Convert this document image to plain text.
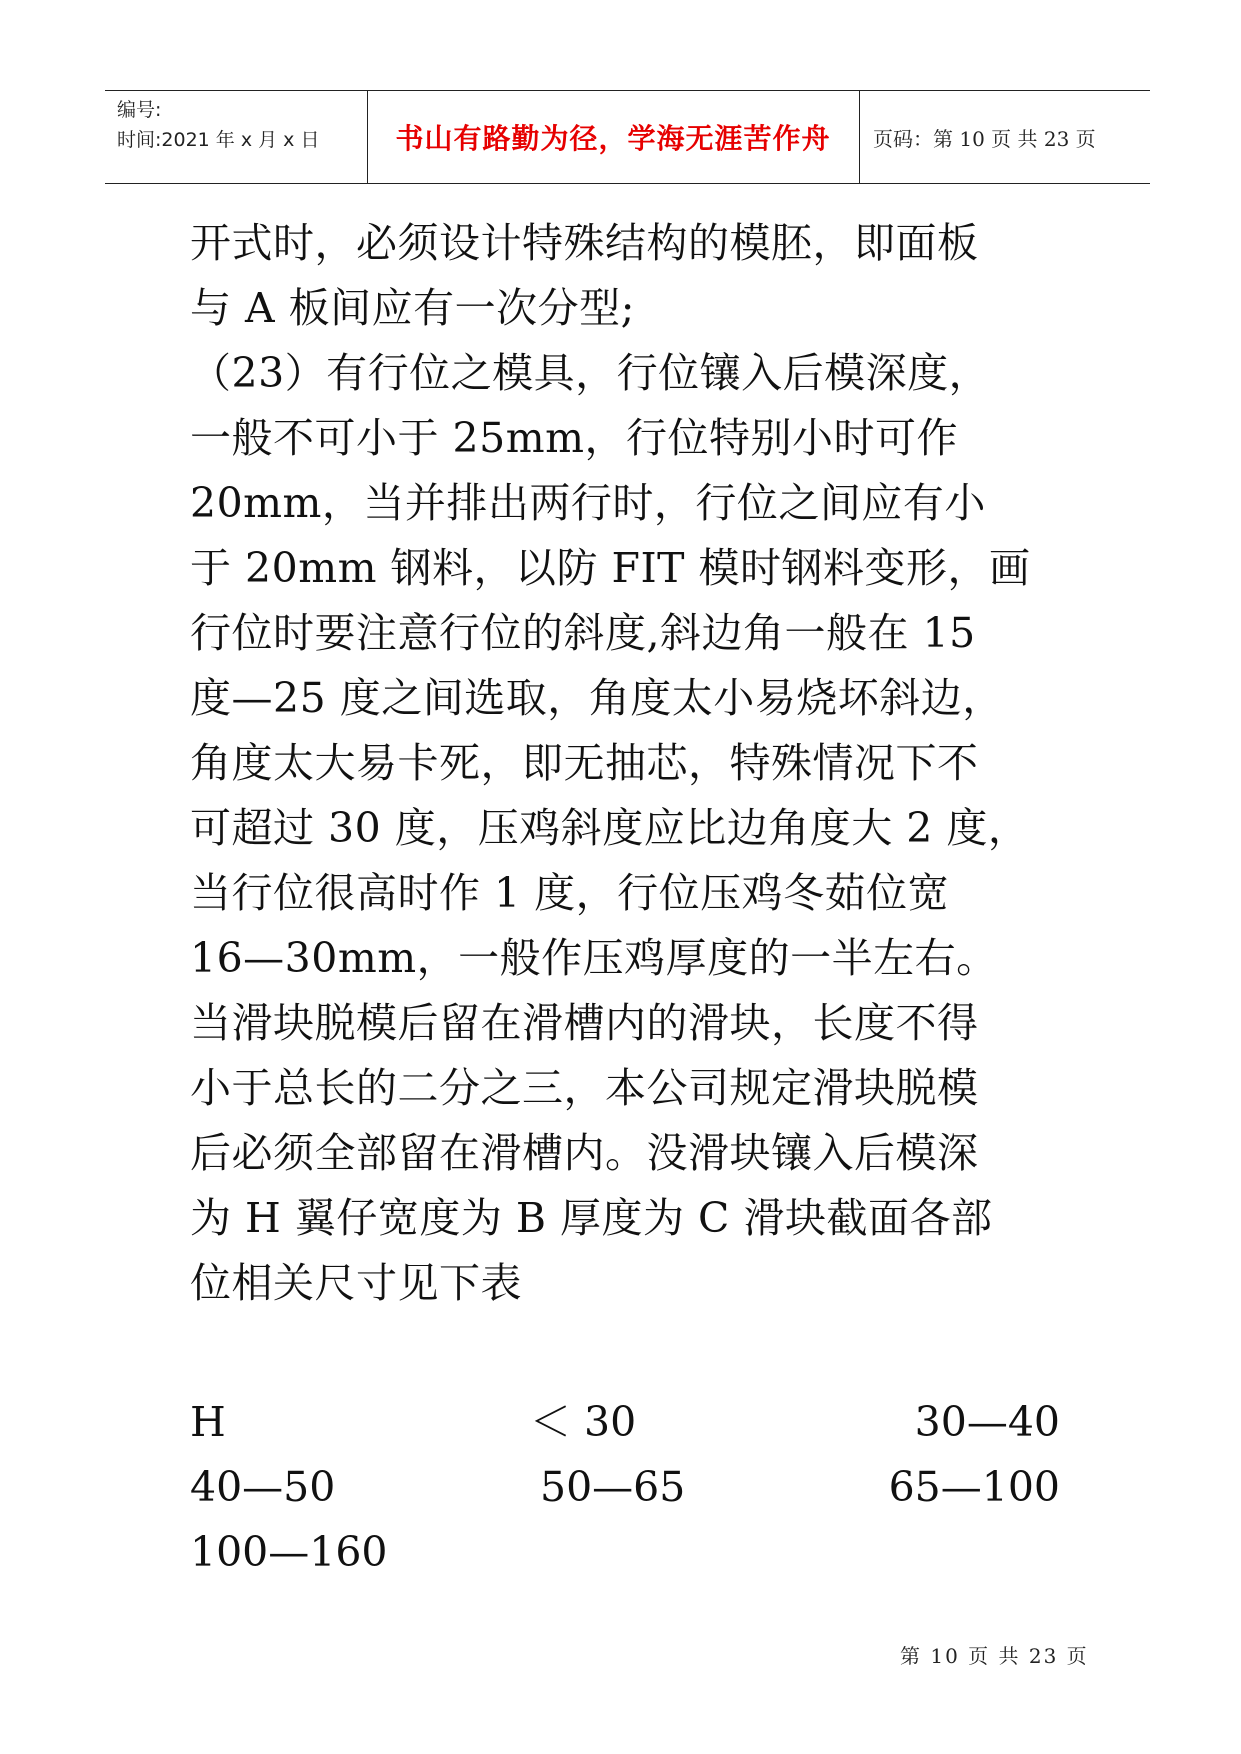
编号:
时间:2021 年 x 月 x 日	书山有路勤为径，学海无涯苦作舟	页码：第 10 页 共 23 页
开式时，必须设计特殊结构的模胚，即面板
与 A 板间应有一次分型;
（23）有行位之模具，行位镶入后模深度，
一般不可小于 25mm，行位特别小时可作
20mm，当并排出两行时，行位之间应有小
于 20mm 钢料，以防 FIT 模时钢料变形，画
行位时要注意行位的斜度,斜边角一般在 15
度—25 度之间选取，角度太小易烧坏斜边，
角度太大易卡死，即无抽芯，特殊情况下不
可超过 30 度，压鸡斜度应比边角度大 2 度，
当行位很高时作 1 度，行位压鸡冬茹位宽
16—30mm，一般作压鸡厚度的一半左右。
当滑块脱模后留在滑槽内的滑块，长度不得
小于总长的二分之三，本公司规定滑块脱模
后必须全部留在滑槽内。没滑块镶入后模深
为 H 翼仔宽度为 B 厚度为 C 滑块截面各部
位相关尺寸见下表
H	＜ 30	30—40
40—50	50—65	65—100
100—160
第 10 页 共 23 页
